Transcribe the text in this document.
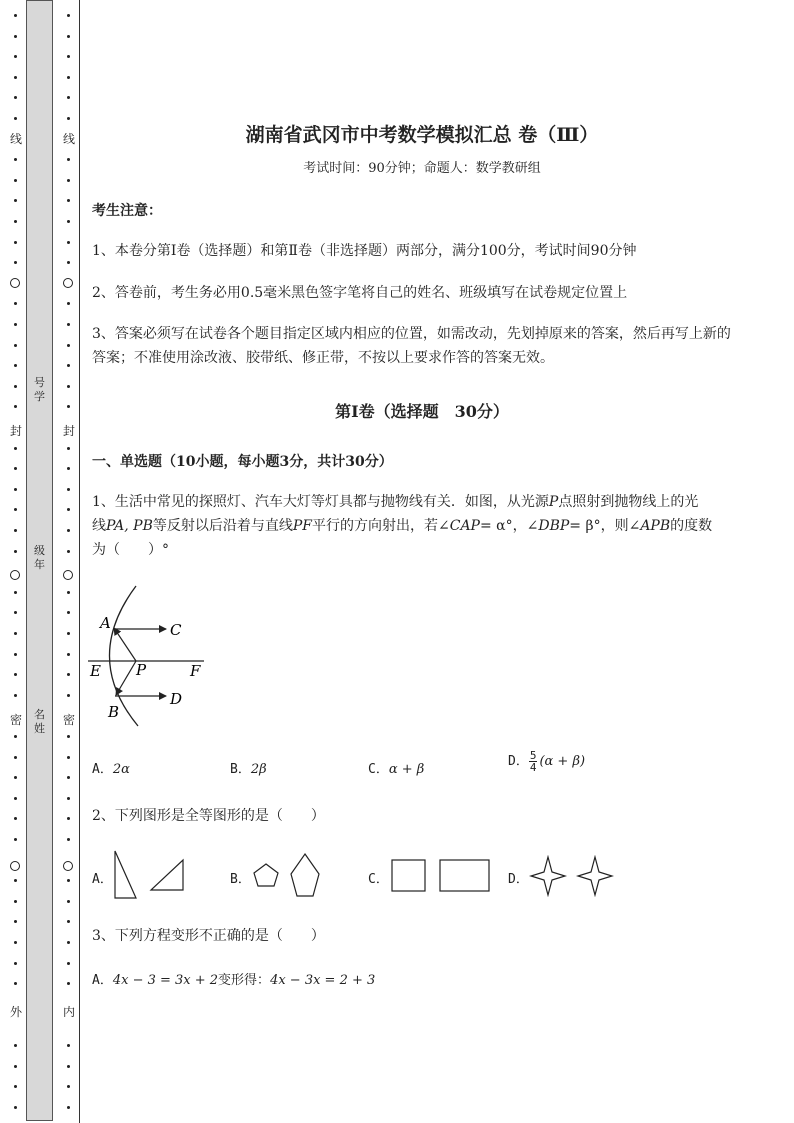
线
封
密
外
线
封
密
内
号
学
级
年
名
姓
湖南省武冈市中考数学模拟汇总 卷（Ⅲ）
考试时间：90分钟；命题人：数学教研组
考生注意：
1、本卷分第Ⅰ卷（选择题）和第Ⅱ卷（非选择题）两部分，满分100分，考试时间90分钟
2、答卷前，考生务必用0.5毫米黑色签字笔将自己的姓名、班级填写在试卷规定位置上
3、答案必须写在试卷各个题目指定区域内相应的位置，如需改动，先划掉原来的答案，然后再写上新的答案；不准使用涂改液、胶带纸、修正带，不按以上要求作答的答案无效。
第Ⅰ卷（选择题　30分）
一、单选题（10小题，每小题3分，共计30分）
1、生活中常见的探照灯、汽车大灯等灯具都与抛物线有关．如图，从光源P点照射到抛物线上的光
线PA, PB等反射以后沿着与直线PF平行的方向射出，若∠CAP= α°，∠DBP= β°，则∠APB的度数
为（　　）°
A	C
E P	F
D
B
A．2α	B．2β	C．α + β
D． $\frac{5}{4} (\alpha + \beta)$
2、下列图形是全等图形的是（　　）
A．	B．	C．	D．
3、下列方程变形不正确的是（　　）
A．4x − 3 = 3x + 2变形得：4x − 3x = 2 + 3
